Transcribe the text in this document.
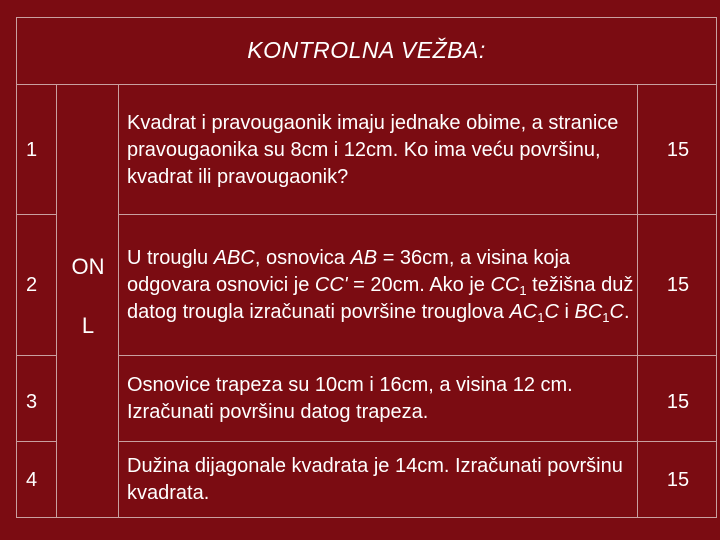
KONTROLNA VEŽBA:
ON
L
1

Kvadrat i pravougaonik imaju jednake obime, a stranice pravougaonika su 8cm i 12cm. Ko ima veću površinu, kvadrat ili pravougaonik?

15
2

U trouglu ABC, osnovica AB = 36cm, a visina koja odgovara osnovici je CC' = 20cm. Ako je $CC_1$ težišna duž datog trougla izračunati površine trouglova $AC_1C$ i $BC_1C$.

15
3

Osnovice trapeza su 10cm i 16cm, a visina 12 cm. Izračunati površinu datog trapeza.	15
4

Dužina dijagonale kvadrata je 14cm. Izračunati površinu kvadrata.

15
